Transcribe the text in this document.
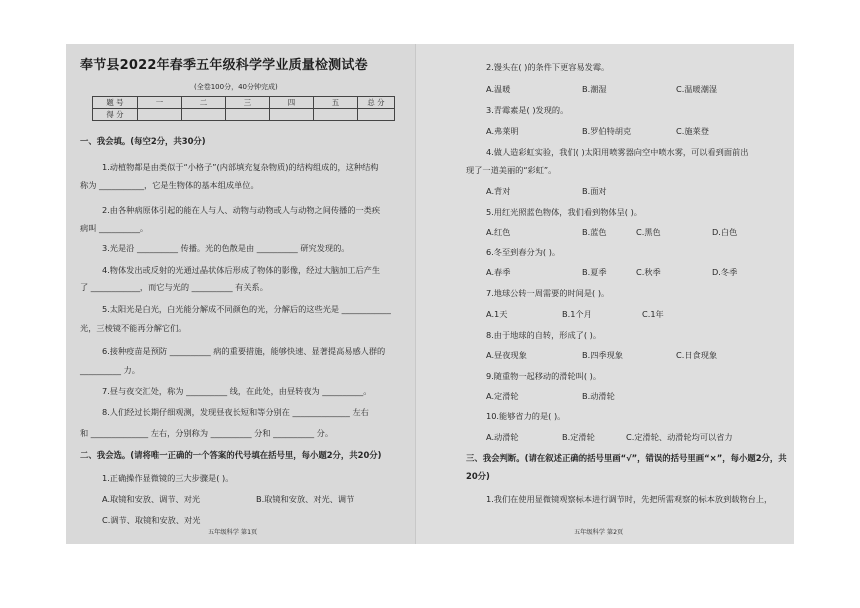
奉节县2022年春季五年级科学学业质量检测试卷
(全卷100分，40分钟完成)
题 号	一	二	三	四	五	总 分
得 分						
一、我会填。(每空2分，共30分)
1.动植物都是由类似于“小格子”(内部填充复杂物质)的结构组成的，这种结构
称为 ___________，它是生物体的基本组成单位。
2.由各种病原体引起的能在人与人、动物与动物或人与动物之间传播的一类疾
病叫 __________。
3.光是沿 __________ 传播。光的色散是由 __________ 研究发现的。
4.物体发出或反射的光通过晶状体后形成了物体的影像，经过大脑加工后产生
了 ____________，而它与光的 __________ 有关系。
5.太阳光是白光，白光能分解成不同颜色的光，分解后的这些光是 ____________
光，三棱镜不能再分解它们。
6.接种疫苗是预防 __________ 病的重要措施，能够快速、显著提高易感人群的
__________ 力。
7.昼与夜交汇处，称为 __________ 线，在此处，由昼转夜为 __________。
8.人们经过长期仔细观测，发现昼夜长短和等分别在 ______________ 左右
和 ______________ 左右，分别称为 __________ 分和 __________ 分。
二、我会选。(请将唯一正确的一个答案的代号填在括号里，每小题2分，共20分)
1.正确操作显微镜的三大步骤是( )。
A.取镜和安放、调节、对光	B.取镜和安放、对光、调节
C.调节、取镜和安放、对光
五年级科学 第1页
2.馒头在( )的条件下更容易发霉。
A.温暖	B.潮湿	C.温暖潮湿
3.青霉素是( )发现的。
A.弗莱明	B.罗伯特胡克	C.施莱登
4.做人造彩虹实验，我们( )太阳用喷雾器向空中喷水雾，可以看到面前出
现了一道美丽的“彩虹”。
A.背对	B.面对
5.用红光照蓝色物体，我们看到物体呈( )。
A.红色	B.蓝色	C.黑色	D.白色
6.冬至到春分为( )。
A.春季	B.夏季	C.秋季	D.冬季
7.地球公转一周需要的时间是( )。
A.1天	B.1个月	C.1年
8.由于地球的自转，形成了( )。
A.昼夜现象	B.四季现象	C.日食现象
9.随重物一起移动的滑轮叫( )。
A.定滑轮	B.动滑轮
10.能够省力的是( )。
A.动滑轮	B.定滑轮	C.定滑轮、动滑轮均可以省力
三、我会判断。(请在叙述正确的括号里画“√”，错误的括号里画“×”，每小题2分，共
20分)
1.我们在使用显微镜观察标本进行调节时，先把所需观察的标本放到载物台上，
五年级科学 第2页
